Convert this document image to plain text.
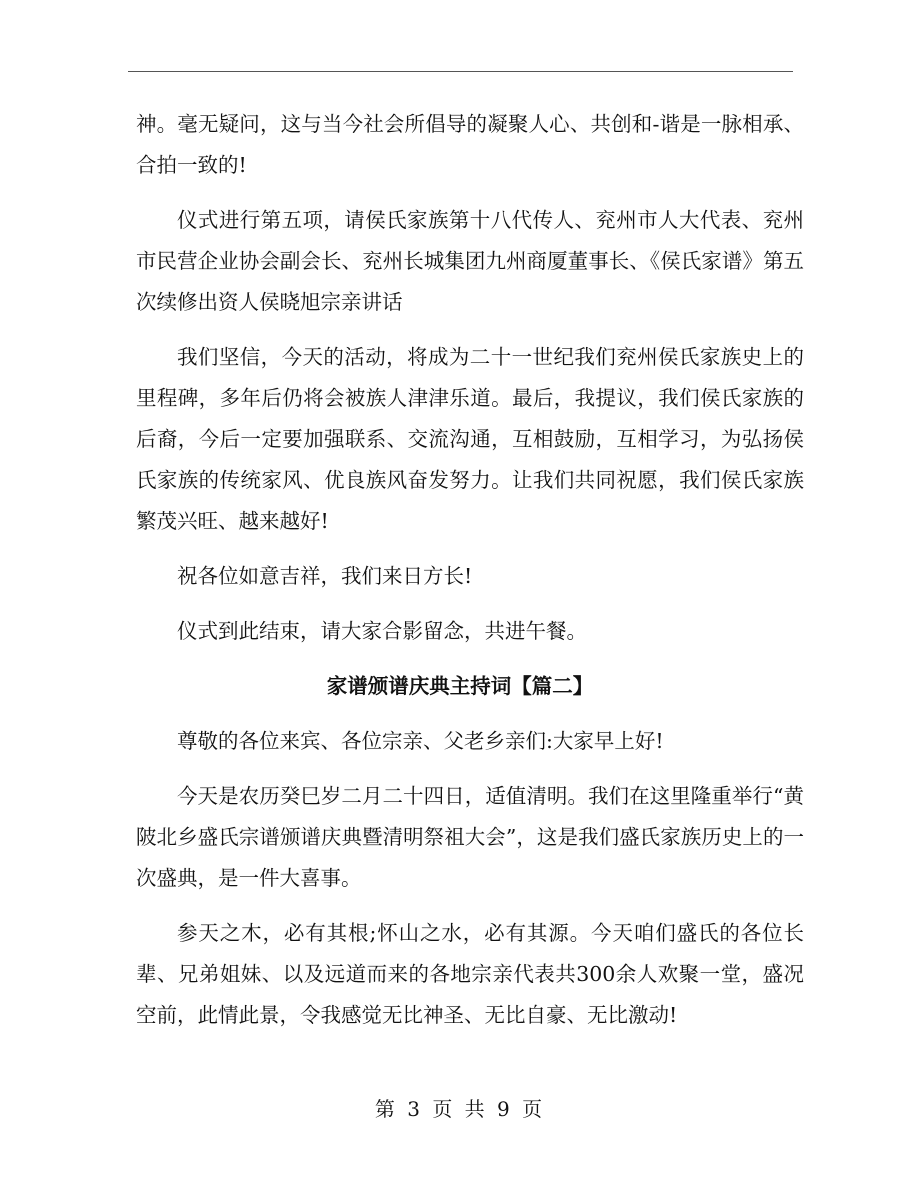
神。毫无疑问，这与当今社会所倡导的凝聚人心、共创和-谐是一脉相承、合拍一致的!

仪式进行第五项，请侯氏家族第十八代传人、兖州市人大代表、兖州市民营企业协会副会长、兖州长城集团九州商厦董事长、《侯氏家谱》第五次续修出资人侯晓旭宗亲讲话

我们坚信，今天的活动，将成为二十一世纪我们兖州侯氏家族史上的里程碑，多年后仍将会被族人津津乐道。最后，我提议，我们侯氏家族的后裔，今后一定要加强联系、交流沟通，互相鼓励，互相学习，为弘扬侯氏家族的传统家风、优良族风奋发努力。让我们共同祝愿，我们侯氏家族繁茂兴旺、越来越好!

祝各位如意吉祥，我们来日方长!

仪式到此结束，请大家合影留念，共进午餐。

家谱颁谱庆典主持词【篇二】

尊敬的各位来宾、各位宗亲、父老乡亲们:大家早上好!

今天是农历癸巳岁二月二十四日，适值清明。我们在这里隆重举行“黄陂北乡盛氏宗谱颁谱庆典暨清明祭祖大会”，这是我们盛氏家族历史上的一次盛典，是一件大喜事。

参天之木，必有其根;怀山之水，必有其源。今天咱们盛氏的各位长辈、兄弟姐妹、以及远道而来的各地宗亲代表共300余人欢聚一堂，盛况空前，此情此景，令我感觉无比神圣、无比自豪、无比激动!

第 3 页 共 9 页
